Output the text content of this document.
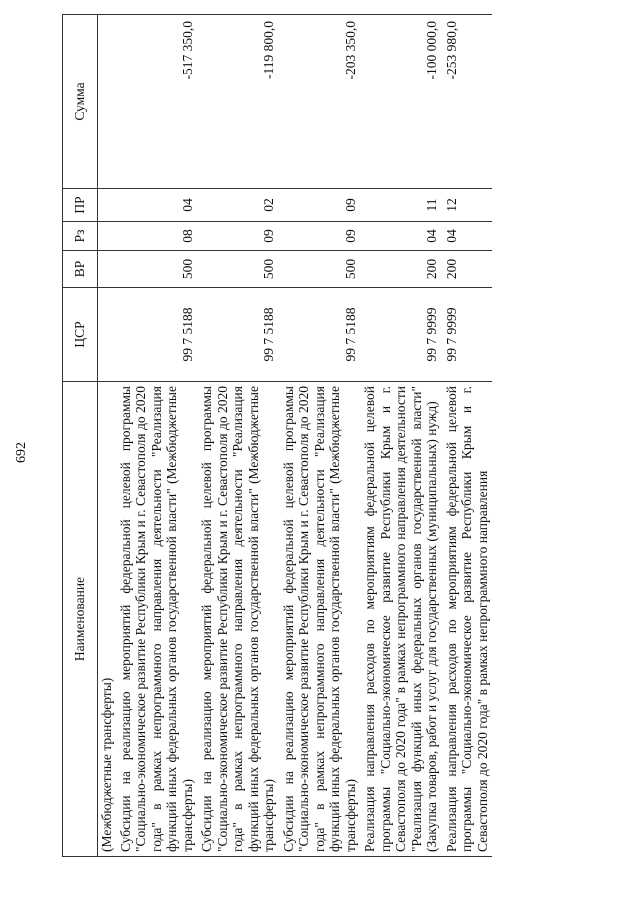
692
Наименование	ЦСР	ВР	Рз	ПР	Сумма
(Межбюджетные трансферты)					
Субсидии на реализацию мероприятий федеральной целевой программы "Социально-экономическое развитие Республики Крым и г. Севастополя до 2020 года" в рамках непрограммного направления деятельности "Реализация функций иных федеральных органов государственной власти" (Межбюджетные трансферты)	99 7 5188	500	08	04	-517 350,0
Субсидии на реализацию мероприятий федеральной целевой программы "Социально-экономическое развитие Республики Крым и г. Севастополя до 2020 года" в рамках непрограммного направления деятельности "Реализация функций иных федеральных органов государственной власти" (Межбюджетные трансферты)	99 7 5188	500	09	02	-119 800,0
Субсидии на реализацию мероприятий федеральной целевой программы "Социально-экономическое развитие Республики Крым и г. Севастополя до 2020 года" в рамках непрограммного направления деятельности "Реализация функций иных федеральных органов государственной власти" (Межбюджетные трансферты)	99 7 5188	500	09	09	-203 350,0
Реализация направления расходов по мероприятиям федеральной целевой программы "Социально-экономическое развитие Республики Крым и г. Севастополя до 2020 года" в рамках непрограммного направления деятельности "Реализация функций иных федеральных органов государственной власти" (Закупка товаров, работ и услуг для государственных (муниципальных) нужд)	99 7 9999	200	04	11	-100 000,0
Реализация направления расходов по мероприятиям федеральной целевой программы "Социально-экономическое развитие Республики Крым и г. Севастополя до 2020 года" в рамках непрограммного направления	99 7 9999	200	04	12	-253 980,0
